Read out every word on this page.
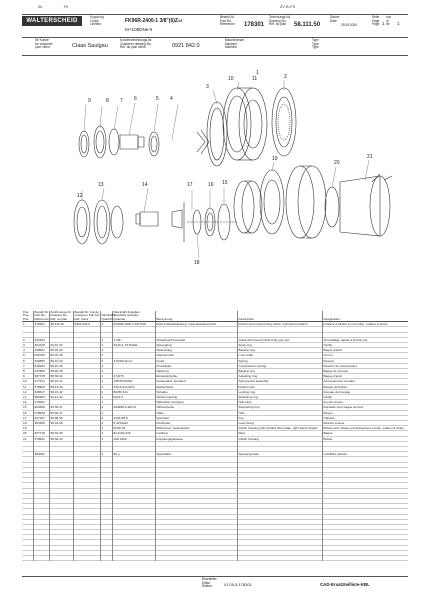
5b	FK	ZV B-FS
WALTERSCHEID
Kupplung
Clutch
Limiteur
FK96R-2400-1 3/8"(6)ZV2
M+105DNe-II
Bestell-Nr.
Part No.
Référence 178301
Zeichnungs-Nr.
Drawing No.
Réf. du plan	58.111.50
Datum
Date
25.05.2005
Seite
Page
Page
von
of
de
1	1
für Kunde
for customer
pour client	Claas Saulgau
Kundenzeichnungs-Nr.
Customer drawing No.
Réf. du plan client	0921 842.0
Maschinenart
Machine
Machine
Type
Type
Type
1
2
3
4
5
6
7
8
9
10	11
12
13	14	15
16
17
18
19
20
21
Pos.
Pos.
Pos.	Bestell-Nr.
Part No.
Référence	Zeichnungs-Nr.
Drawing No.
Réf. du plan	Bestell-Nr. Kunde
Customer Part No.
Réf. client	Stückzahl
Quantity	Stückzahl Angaben
Specified Quantity
Quantité	Benennung	Description	Désignation
1	178301	58.111.50	0921 842.0	1	FK96R-2400-1 3/8"(6)Z...	Reib-Freilaufkupplung, Gelenkwellenanschl.	Friction and overrunning clutch, right-hand rotation	Limiteur à friction et roue libre, rotation à droite

2	341503			1	1 3/8"	Schiebestift komplett	Quick-disconnect (slide bolt) type spl.	Verrouillage rapide à bouton spl.
3	304145	62.10.32		1	33x3x1,7/TSAGE	Sprengring	Snap ring	Circlip
4	338601	55.25.32		1		Abdeckring	Backup ring	Bague d'arrêt
5	045790	55.33.35		1		Spannmutter	Lock collar	Verrou
6	326850	58.10.33		3	3,5x50x11x17	Feder	Spring	Ressort
7	045283	58.10.45		1		Druckfeder	Compression spring	Ressort de compression
8	047805	55.26.35		1		Stützring	Backup ring	Bague de retenue
9	367725	58.39.32		1	17x075	Einstellscheibe	Adjusting ring	Bague d'arrêt
10	377412	58.15.31		1	108/1970/204	Federpaket, komplett	Spring pack assembly	Accouplement complet
11	378620	58.14.32		1	130,3x2x170x3	Reibscheibe	Friction disc	Disque de friction
12	368517	58.19.42		2	80x56,3x4	Scheibe	Locking ring	Anneau de blocage
13	382303	52.14.42		1	52x2,5	Sicherungsring	Retaining ring	Circlip
14	378331			1		Stiftmutter (Gruppe)	Hub assy	Jeu de moyeu
15	364205	55.39.47		2	104998-5-28x72	Stützscheibe	Supporting ring	Rondelle pour bague de frein
16	378628	56.39.47		1		Nabe	Hub	Moyeu
17	307197	55.38.55		2	13x5x65,5	Sperrkeil	Key	Clavette
18	363185	58.34.35		4	5,4x54x84	Klotzfeder	Leaf spring	Ressort à lame
19				1	FK96-46	Mitnehmer, Gelenkwelle	Clutch housing with welded drive plate, right-hand rotation	Boîtier avec disque d'entraînement soudé, rotation à droite
20	307718	55.32.35		1	84,4x62,4x8	Laufring	Ring	Bague
21	378622	58.39.43		1	108-2400	Kupplungsgehäuse	Clutch housing	Boîtier

	384051			1	50 g	Spezialfett	Special grease	Lubrifiant spécial

Bearbeiter
Editor
Éditeur	01.05.5.178301	CAD-Ersatzteilliste-KBL
